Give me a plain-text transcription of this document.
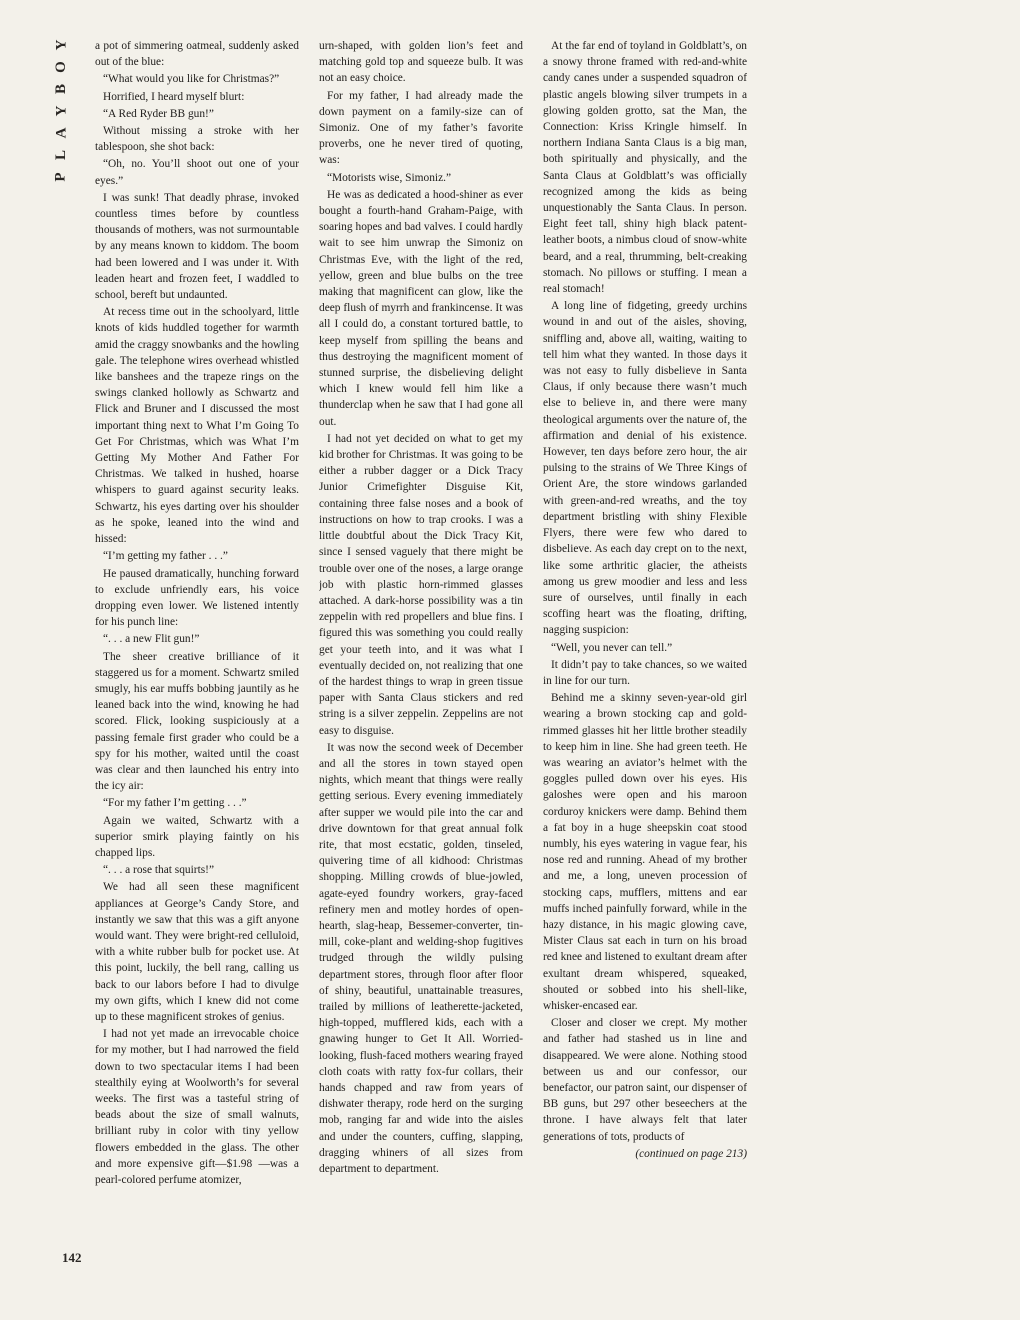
Y
O
B
Y
A
L
P

a pot of simmering oatmeal, suddenly asked out of the blue:

“What would you like for Christmas?”

Horrified, I heard myself blurt:

“A Red Ryder BB gun!”

Without missing a stroke with her tablespoon, she shot back:

“Oh, no. You’ll shoot out one of your eyes.”

I was sunk! That deadly phrase, invoked countless times before by countless thousands of mothers, was not surmountable by any means known to kiddom. The boom had been lowered and I was under it. With leaden heart and frozen feet, I waddled to school, bereft but undaunted.

At recess time out in the schoolyard, little knots of kids huddled together for warmth amid the craggy snowbanks and the howling gale. The telephone wires overhead whistled like banshees and the trapeze rings on the swings clanked hollowly as Schwartz and Flick and Bruner and I discussed the most important thing next to What I’m Going To Get For Christmas, which was What I’m Getting My Mother And Father For Christmas. We talked in hushed, hoarse whispers to guard against security leaks. Schwartz, his eyes darting over his shoulder as he spoke, leaned into the wind and hissed:

“I’m getting my father . . .”

He paused dramatically, hunching forward to exclude unfriendly ears, his voice dropping even lower. We listened intently for his punch line:

“. . . a new Flit gun!”

The sheer creative brilliance of it staggered us for a moment. Schwartz smiled smugly, his ear muffs bobbing jauntily as he leaned back into the wind, knowing he had scored. Flick, looking suspiciously at a passing female first grader who could be a spy for his mother, waited until the coast was clear and then launched his entry into the icy air:

“For my father I’m getting . . .”

Again we waited, Schwartz with a superior smirk playing faintly on his chapped lips.

“. . . a rose that squirts!”

We had all seen these magnificent appliances at George’s Candy Store, and instantly we saw that this was a gift anyone would want. They were bright-red celluloid, with a white rubber bulb for pocket use. At this point, luckily, the bell rang, calling us back to our labors before I had to divulge my own gifts, which I knew did not come up to these magnificent strokes of genius.

I had not yet made an irrevocable choice for my mother, but I had narrowed the field down to two spectacular items I had been stealthily eying at Woolworth’s for several weeks. The first was a tasteful string of beads about the size of small walnuts, brilliant ruby in color with tiny yellow flowers embedded in the glass. The other and more expensive gift—$1.98 —was a pearl-colored perfume atomizer,

urn-shaped, with golden lion’s feet and matching gold top and squeeze bulb. It was not an easy choice.

For my father, I had already made the down payment on a family-size can of Simoniz. One of my father’s favorite proverbs, one he never tired of quoting, was:

“Motorists wise, Simoniz.”

He was as dedicated a hood-shiner as ever bought a fourth-hand Graham-Paige, with soaring hopes and bad valves. I could hardly wait to see him unwrap the Simoniz on Christmas Eve, with the light of the red, yellow, green and blue bulbs on the tree making that magnificent can glow, like the deep flush of myrrh and frankincense. It was all I could do, a constant tortured battle, to keep myself from spilling the beans and thus destroying the magnificent moment of stunned surprise, the disbelieving delight which I knew would fell him like a thunderclap when he saw that I had gone all out.

I had not yet decided on what to get my kid brother for Christmas. It was going to be either a rubber dagger or a Dick Tracy Junior Crimefighter Disguise Kit, containing three false noses and a book of instructions on how to trap crooks. I was a little doubtful about the Dick Tracy Kit, since I sensed vaguely that there might be trouble over one of the noses, a large orange job with plastic horn-rimmed glasses attached. A dark-horse possibility was a tin zeppelin with red propellers and blue fins. I figured this was something you could really get your teeth into, and it was what I eventually decided on, not realizing that one of the hardest things to wrap in green tissue paper with Santa Claus stickers and red string is a silver zeppelin. Zeppelins are not easy to disguise.

It was now the second week of December and all the stores in town stayed open nights, which meant that things were really getting serious. Every evening immediately after supper we would pile into the car and drive downtown for that great annual folk rite, that most ecstatic, golden, tinseled, quivering time of all kidhood: Christmas shopping. Milling crowds of blue-jowled, agate-eyed foundry workers, gray-faced refinery men and motley hordes of open-hearth, slag-heap, Bessemer-converter, tin-mill, coke-plant and welding-shop fugitives trudged through the wildly pulsing department stores, through floor after floor of shiny, beautiful, unattainable treasures, trailed by millions of leatherette-jacketed, high-topped, mufflered kids, each with a gnawing hunger to Get It All. Worried-looking, flush-faced mothers wearing frayed cloth coats with ratty fox-fur collars, their hands chapped and raw from years of dishwater therapy, rode herd on the surging mob, ranging far and wide into the aisles and under the counters, cuffing, slapping, dragging whiners of all sizes from department to department.

At the far end of toyland in Goldblatt’s, on a snowy throne framed with red-and-white candy canes under a suspended squadron of plastic angels blowing silver trumpets in a glowing golden grotto, sat the Man, the Connection: Kriss Kringle himself. In northern Indiana Santa Claus is a big man, both spiritually and physically, and the Santa Claus at Goldblatt’s was officially recognized among the kids as being unquestionably the Santa Claus. In person. Eight feet tall, shiny high black patent-leather boots, a nimbus cloud of snow-white beard, and a real, thrumming, belt-creaking stomach. No pillows or stuffing. I mean a real stomach!

A long line of fidgeting, greedy urchins wound in and out of the aisles, shoving, sniffling and, above all, waiting, waiting to tell him what they wanted. In those days it was not easy to fully disbelieve in Santa Claus, if only because there wasn’t much else to believe in, and there were many theological arguments over the nature of, the affirmation and denial of his existence. However, ten days before zero hour, the air pulsing to the strains of We Three Kings of Orient Are, the store windows garlanded with green-and-red wreaths, and the toy department bristling with shiny Flexible Flyers, there were few who dared to disbelieve. As each day crept on to the next, like some arthritic glacier, the atheists among us grew moodier and less and less sure of ourselves, until finally in each scoffing heart was the floating, drifting, nagging suspicion:

“Well, you never can tell.”

It didn’t pay to take chances, so we waited in line for our turn.

Behind me a skinny seven-year-old girl wearing a brown stocking cap and gold-rimmed glasses hit her little brother steadily to keep him in line. She had green teeth. He was wearing an aviator’s helmet with the goggles pulled down over his eyes. His galoshes were open and his maroon corduroy knickers were damp. Behind them a fat boy in a huge sheepskin coat stood numbly, his eyes watering in vague fear, his nose red and running. Ahead of my brother and me, a long, uneven procession of stocking caps, mufflers, mittens and ear muffs inched painfully forward, while in the hazy distance, in his magic glowing cave, Mister Claus sat each in turn on his broad red knee and listened to exultant dream after exultant dream whispered, squeaked, shouted or sobbed into his shell-like, whisker-encased ear.

Closer and closer we crept. My mother and father had stashed us in line and disappeared. We were alone. Nothing stood between us and our confessor, our benefactor, our patron saint, our dispenser of BB guns, but 297 other beseechers at the throne. I have always felt that later generations of tots, products of

(continued on page 213)

142
